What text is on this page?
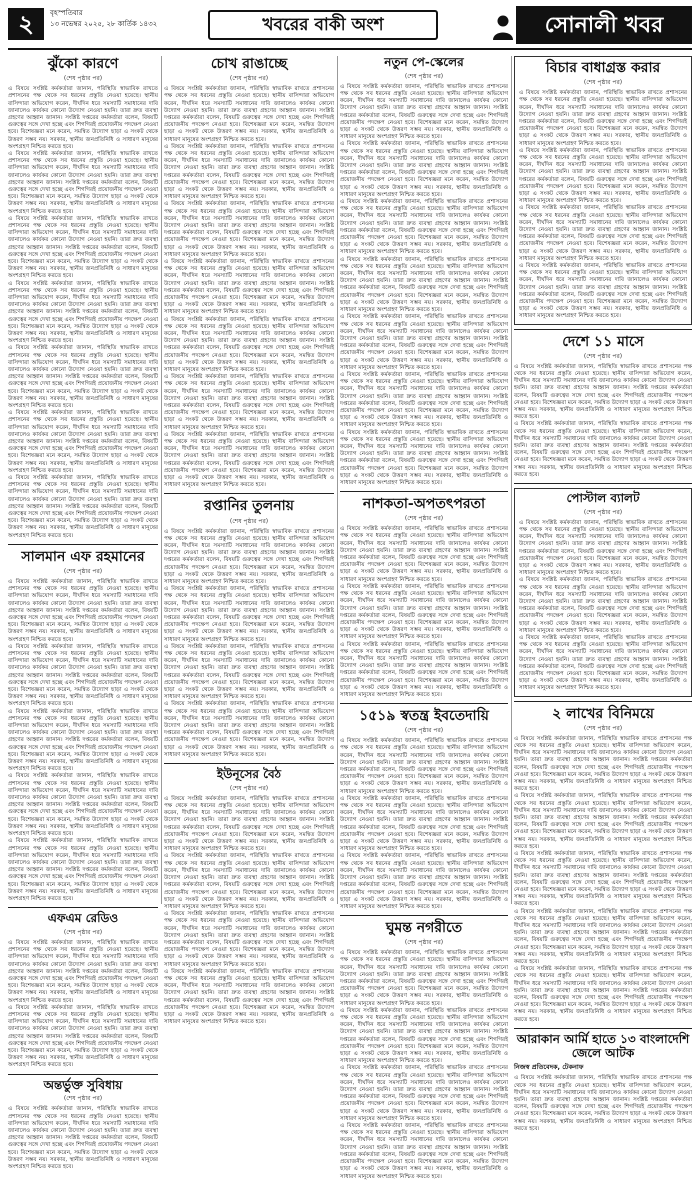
২	বৃহস্পতিবার
১৩ নভেম্বর ২০২৫, ২৮ কার্তিক ১৪৩২	খবরের বাকী অংশ	সোনালী খবর
ঝুঁকো কারণে
(শেষ পৃষ্ঠার পর)

এ বিষয়ে সংশ্লিষ্ট কর্মকর্তারা জানান, পরিস্থিতি স্বাভাবিক রাখতে প্রশাসনের পক্ষ থেকে সব ধরনের প্রস্তুতি নেওয়া হয়েছে। স্থানীয় বাসিন্দারা অভিযোগ করেন, দীর্ঘদিন ধরে সমস্যাটি সমাধানের দাবি জানালেও কার্যকর কোনো উদ্যোগ নেওয়া হয়নি। তারা দ্রুত ব্যবস্থা গ্রহণের আহ্বান জানান। সংশ্লিষ্ট দপ্তরের কর্মকর্তারা বলেন, বিষয়টি গুরুত্বের সঙ্গে দেখা হচ্ছে এবং শিগগিরই প্রয়োজনীয় পদক্ষেপ নেওয়া হবে। বিশেষজ্ঞরা মনে করেন, সমন্বিত উদ্যোগ ছাড়া এ সংকট থেকে উত্তরণ সম্ভব নয়। সরকার, স্থানীয় জনপ্রতিনিধি ও সাধারণ মানুষের অংশগ্রহণ নিশ্চিত করতে হবে।

এ বিষয়ে সংশ্লিষ্ট কর্মকর্তারা জানান, পরিস্থিতি স্বাভাবিক রাখতে প্রশাসনের পক্ষ থেকে সব ধরনের প্রস্তুতি নেওয়া হয়েছে। স্থানীয় বাসিন্দারা অভিযোগ করেন, দীর্ঘদিন ধরে সমস্যাটি সমাধানের দাবি জানালেও কার্যকর কোনো উদ্যোগ নেওয়া হয়নি। তারা দ্রুত ব্যবস্থা গ্রহণের আহ্বান জানান। সংশ্লিষ্ট দপ্তরের কর্মকর্তারা বলেন, বিষয়টি গুরুত্বের সঙ্গে দেখা হচ্ছে এবং শিগগিরই প্রয়োজনীয় পদক্ষেপ নেওয়া হবে। বিশেষজ্ঞরা মনে করেন, সমন্বিত উদ্যোগ ছাড়া এ সংকট থেকে উত্তরণ সম্ভব নয়। সরকার, স্থানীয় জনপ্রতিনিধি ও সাধারণ মানুষের অংশগ্রহণ নিশ্চিত করতে হবে।

এ বিষয়ে সংশ্লিষ্ট কর্মকর্তারা জানান, পরিস্থিতি স্বাভাবিক রাখতে প্রশাসনের পক্ষ থেকে সব ধরনের প্রস্তুতি নেওয়া হয়েছে। স্থানীয় বাসিন্দারা অভিযোগ করেন, দীর্ঘদিন ধরে সমস্যাটি সমাধানের দাবি জানালেও কার্যকর কোনো উদ্যোগ নেওয়া হয়নি। তারা দ্রুত ব্যবস্থা গ্রহণের আহ্বান জানান। সংশ্লিষ্ট দপ্তরের কর্মকর্তারা বলেন, বিষয়টি গুরুত্বের সঙ্গে দেখা হচ্ছে এবং শিগগিরই প্রয়োজনীয় পদক্ষেপ নেওয়া হবে। বিশেষজ্ঞরা মনে করেন, সমন্বিত উদ্যোগ ছাড়া এ সংকট থেকে উত্তরণ সম্ভব নয়। সরকার, স্থানীয় জনপ্রতিনিধি ও সাধারণ মানুষের অংশগ্রহণ নিশ্চিত করতে হবে।

এ বিষয়ে সংশ্লিষ্ট কর্মকর্তারা জানান, পরিস্থিতি স্বাভাবিক রাখতে প্রশাসনের পক্ষ থেকে সব ধরনের প্রস্তুতি নেওয়া হয়েছে। স্থানীয় বাসিন্দারা অভিযোগ করেন, দীর্ঘদিন ধরে সমস্যাটি সমাধানের দাবি জানালেও কার্যকর কোনো উদ্যোগ নেওয়া হয়নি। তারা দ্রুত ব্যবস্থা গ্রহণের আহ্বান জানান। সংশ্লিষ্ট দপ্তরের কর্মকর্তারা বলেন, বিষয়টি গুরুত্বের সঙ্গে দেখা হচ্ছে এবং শিগগিরই প্রয়োজনীয় পদক্ষেপ নেওয়া হবে। বিশেষজ্ঞরা মনে করেন, সমন্বিত উদ্যোগ ছাড়া এ সংকট থেকে উত্তরণ সম্ভব নয়। সরকার, স্থানীয় জনপ্রতিনিধি ও সাধারণ মানুষের অংশগ্রহণ নিশ্চিত করতে হবে।

এ বিষয়ে সংশ্লিষ্ট কর্মকর্তারা জানান, পরিস্থিতি স্বাভাবিক রাখতে প্রশাসনের পক্ষ থেকে সব ধরনের প্রস্তুতি নেওয়া হয়েছে। স্থানীয় বাসিন্দারা অভিযোগ করেন, দীর্ঘদিন ধরে সমস্যাটি সমাধানের দাবি জানালেও কার্যকর কোনো উদ্যোগ নেওয়া হয়নি। তারা দ্রুত ব্যবস্থা গ্রহণের আহ্বান জানান। সংশ্লিষ্ট দপ্তরের কর্মকর্তারা বলেন, বিষয়টি গুরুত্বের সঙ্গে দেখা হচ্ছে এবং শিগগিরই প্রয়োজনীয় পদক্ষেপ নেওয়া হবে। বিশেষজ্ঞরা মনে করেন, সমন্বিত উদ্যোগ ছাড়া এ সংকট থেকে উত্তরণ সম্ভব নয়। সরকার, স্থানীয় জনপ্রতিনিধি ও সাধারণ মানুষের অংশগ্রহণ নিশ্চিত করতে হবে।

এ বিষয়ে সংশ্লিষ্ট কর্মকর্তারা জানান, পরিস্থিতি স্বাভাবিক রাখতে প্রশাসনের পক্ষ থেকে সব ধরনের প্রস্তুতি নেওয়া হয়েছে। স্থানীয় বাসিন্দারা অভিযোগ করেন, দীর্ঘদিন ধরে সমস্যাটি সমাধানের দাবি জানালেও কার্যকর কোনো উদ্যোগ নেওয়া হয়নি। তারা দ্রুত ব্যবস্থা গ্রহণের আহ্বান জানান। সংশ্লিষ্ট দপ্তরের কর্মকর্তারা বলেন, বিষয়টি গুরুত্বের সঙ্গে দেখা হচ্ছে এবং শিগগিরই প্রয়োজনীয় পদক্ষেপ নেওয়া হবে। বিশেষজ্ঞরা মনে করেন, সমন্বিত উদ্যোগ ছাড়া এ সংকট থেকে উত্তরণ সম্ভব নয়। সরকার, স্থানীয় জনপ্রতিনিধি ও সাধারণ মানুষের অংশগ্রহণ নিশ্চিত করতে হবে।

এ বিষয়ে সংশ্লিষ্ট কর্মকর্তারা জানান, পরিস্থিতি স্বাভাবিক রাখতে প্রশাসনের পক্ষ থেকে সব ধরনের প্রস্তুতি নেওয়া হয়েছে। স্থানীয় বাসিন্দারা অভিযোগ করেন, দীর্ঘদিন ধরে সমস্যাটি সমাধানের দাবি জানালেও কার্যকর কোনো উদ্যোগ নেওয়া হয়নি। তারা দ্রুত ব্যবস্থা গ্রহণের আহ্বান জানান। সংশ্লিষ্ট দপ্তরের কর্মকর্তারা বলেন, বিষয়টি গুরুত্বের সঙ্গে দেখা হচ্ছে এবং শিগগিরই প্রয়োজনীয় পদক্ষেপ নেওয়া হবে। বিশেষজ্ঞরা মনে করেন, সমন্বিত উদ্যোগ ছাড়া এ সংকট থেকে উত্তরণ সম্ভব নয়। সরকার, স্থানীয় জনপ্রতিনিধি ও সাধারণ মানুষের অংশগ্রহণ নিশ্চিত করতে হবে।

সালমান এফ রহমানের
(শেষ পৃষ্ঠার পর)

এ বিষয়ে সংশ্লিষ্ট কর্মকর্তারা জানান, পরিস্থিতি স্বাভাবিক রাখতে প্রশাসনের পক্ষ থেকে সব ধরনের প্রস্তুতি নেওয়া হয়েছে। স্থানীয় বাসিন্দারা অভিযোগ করেন, দীর্ঘদিন ধরে সমস্যাটি সমাধানের দাবি জানালেও কার্যকর কোনো উদ্যোগ নেওয়া হয়নি। তারা দ্রুত ব্যবস্থা গ্রহণের আহ্বান জানান। সংশ্লিষ্ট দপ্তরের কর্মকর্তারা বলেন, বিষয়টি গুরুত্বের সঙ্গে দেখা হচ্ছে এবং শিগগিরই প্রয়োজনীয় পদক্ষেপ নেওয়া হবে। বিশেষজ্ঞরা মনে করেন, সমন্বিত উদ্যোগ ছাড়া এ সংকট থেকে উত্তরণ সম্ভব নয়। সরকার, স্থানীয় জনপ্রতিনিধি ও সাধারণ মানুষের অংশগ্রহণ নিশ্চিত করতে হবে।

এ বিষয়ে সংশ্লিষ্ট কর্মকর্তারা জানান, পরিস্থিতি স্বাভাবিক রাখতে প্রশাসনের পক্ষ থেকে সব ধরনের প্রস্তুতি নেওয়া হয়েছে। স্থানীয় বাসিন্দারা অভিযোগ করেন, দীর্ঘদিন ধরে সমস্যাটি সমাধানের দাবি জানালেও কার্যকর কোনো উদ্যোগ নেওয়া হয়নি। তারা দ্রুত ব্যবস্থা গ্রহণের আহ্বান জানান। সংশ্লিষ্ট দপ্তরের কর্মকর্তারা বলেন, বিষয়টি গুরুত্বের সঙ্গে দেখা হচ্ছে এবং শিগগিরই প্রয়োজনীয় পদক্ষেপ নেওয়া হবে। বিশেষজ্ঞরা মনে করেন, সমন্বিত উদ্যোগ ছাড়া এ সংকট থেকে উত্তরণ সম্ভব নয়। সরকার, স্থানীয় জনপ্রতিনিধি ও সাধারণ মানুষের অংশগ্রহণ নিশ্চিত করতে হবে।

এ বিষয়ে সংশ্লিষ্ট কর্মকর্তারা জানান, পরিস্থিতি স্বাভাবিক রাখতে প্রশাসনের পক্ষ থেকে সব ধরনের প্রস্তুতি নেওয়া হয়েছে। স্থানীয় বাসিন্দারা অভিযোগ করেন, দীর্ঘদিন ধরে সমস্যাটি সমাধানের দাবি জানালেও কার্যকর কোনো উদ্যোগ নেওয়া হয়নি। তারা দ্রুত ব্যবস্থা গ্রহণের আহ্বান জানান। সংশ্লিষ্ট দপ্তরের কর্মকর্তারা বলেন, বিষয়টি গুরুত্বের সঙ্গে দেখা হচ্ছে এবং শিগগিরই প্রয়োজনীয় পদক্ষেপ নেওয়া হবে। বিশেষজ্ঞরা মনে করেন, সমন্বিত উদ্যোগ ছাড়া এ সংকট থেকে উত্তরণ সম্ভব নয়। সরকার, স্থানীয় জনপ্রতিনিধি ও সাধারণ মানুষের অংশগ্রহণ নিশ্চিত করতে হবে।

এ বিষয়ে সংশ্লিষ্ট কর্মকর্তারা জানান, পরিস্থিতি স্বাভাবিক রাখতে প্রশাসনের পক্ষ থেকে সব ধরনের প্রস্তুতি নেওয়া হয়েছে। স্থানীয় বাসিন্দারা অভিযোগ করেন, দীর্ঘদিন ধরে সমস্যাটি সমাধানের দাবি জানালেও কার্যকর কোনো উদ্যোগ নেওয়া হয়নি। তারা দ্রুত ব্যবস্থা গ্রহণের আহ্বান জানান। সংশ্লিষ্ট দপ্তরের কর্মকর্তারা বলেন, বিষয়টি গুরুত্বের সঙ্গে দেখা হচ্ছে এবং শিগগিরই প্রয়োজনীয় পদক্ষেপ নেওয়া হবে। বিশেষজ্ঞরা মনে করেন, সমন্বিত উদ্যোগ ছাড়া এ সংকট থেকে উত্তরণ সম্ভব নয়। সরকার, স্থানীয় জনপ্রতিনিধি ও সাধারণ মানুষের অংশগ্রহণ নিশ্চিত করতে হবে।

এ বিষয়ে সংশ্লিষ্ট কর্মকর্তারা জানান, পরিস্থিতি স্বাভাবিক রাখতে প্রশাসনের পক্ষ থেকে সব ধরনের প্রস্তুতি নেওয়া হয়েছে। স্থানীয় বাসিন্দারা অভিযোগ করেন, দীর্ঘদিন ধরে সমস্যাটি সমাধানের দাবি জানালেও কার্যকর কোনো উদ্যোগ নেওয়া হয়নি। তারা দ্রুত ব্যবস্থা গ্রহণের আহ্বান জানান। সংশ্লিষ্ট দপ্তরের কর্মকর্তারা বলেন, বিষয়টি গুরুত্বের সঙ্গে দেখা হচ্ছে এবং শিগগিরই প্রয়োজনীয় পদক্ষেপ নেওয়া হবে। বিশেষজ্ঞরা মনে করেন, সমন্বিত উদ্যোগ ছাড়া এ সংকট থেকে উত্তরণ সম্ভব নয়। সরকার, স্থানীয় জনপ্রতিনিধি ও সাধারণ মানুষের অংশগ্রহণ নিশ্চিত করতে হবে।

এফএম রেডিও
(শেষ পৃষ্ঠার পর)

এ বিষয়ে সংশ্লিষ্ট কর্মকর্তারা জানান, পরিস্থিতি স্বাভাবিক রাখতে প্রশাসনের পক্ষ থেকে সব ধরনের প্রস্তুতি নেওয়া হয়েছে। স্থানীয় বাসিন্দারা অভিযোগ করেন, দীর্ঘদিন ধরে সমস্যাটি সমাধানের দাবি জানালেও কার্যকর কোনো উদ্যোগ নেওয়া হয়নি। তারা দ্রুত ব্যবস্থা গ্রহণের আহ্বান জানান। সংশ্লিষ্ট দপ্তরের কর্মকর্তারা বলেন, বিষয়টি গুরুত্বের সঙ্গে দেখা হচ্ছে এবং শিগগিরই প্রয়োজনীয় পদক্ষেপ নেওয়া হবে। বিশেষজ্ঞরা মনে করেন, সমন্বিত উদ্যোগ ছাড়া এ সংকট থেকে উত্তরণ সম্ভব নয়। সরকার, স্থানীয় জনপ্রতিনিধি ও সাধারণ মানুষের অংশগ্রহণ নিশ্চিত করতে হবে।

এ বিষয়ে সংশ্লিষ্ট কর্মকর্তারা জানান, পরিস্থিতি স্বাভাবিক রাখতে প্রশাসনের পক্ষ থেকে সব ধরনের প্রস্তুতি নেওয়া হয়েছে। স্থানীয় বাসিন্দারা অভিযোগ করেন, দীর্ঘদিন ধরে সমস্যাটি সমাধানের দাবি জানালেও কার্যকর কোনো উদ্যোগ নেওয়া হয়নি। তারা দ্রুত ব্যবস্থা গ্রহণের আহ্বান জানান। সংশ্লিষ্ট দপ্তরের কর্মকর্তারা বলেন, বিষয়টি গুরুত্বের সঙ্গে দেখা হচ্ছে এবং শিগগিরই প্রয়োজনীয় পদক্ষেপ নেওয়া হবে। বিশেষজ্ঞরা মনে করেন, সমন্বিত উদ্যোগ ছাড়া এ সংকট থেকে উত্তরণ সম্ভব নয়। সরকার, স্থানীয় জনপ্রতিনিধি ও সাধারণ মানুষের অংশগ্রহণ নিশ্চিত করতে হবে।

অন্তর্ভুক্ত সুবিধায়
(শেষ পৃষ্ঠার পর)

এ বিষয়ে সংশ্লিষ্ট কর্মকর্তারা জানান, পরিস্থিতি স্বাভাবিক রাখতে প্রশাসনের পক্ষ থেকে সব ধরনের প্রস্তুতি নেওয়া হয়েছে। স্থানীয় বাসিন্দারা অভিযোগ করেন, দীর্ঘদিন ধরে সমস্যাটি সমাধানের দাবি জানালেও কার্যকর কোনো উদ্যোগ নেওয়া হয়নি। তারা দ্রুত ব্যবস্থা গ্রহণের আহ্বান জানান। সংশ্লিষ্ট দপ্তরের কর্মকর্তারা বলেন, বিষয়টি গুরুত্বের সঙ্গে দেখা হচ্ছে এবং শিগগিরই প্রয়োজনীয় পদক্ষেপ নেওয়া হবে। বিশেষজ্ঞরা মনে করেন, সমন্বিত উদ্যোগ ছাড়া এ সংকট থেকে উত্তরণ সম্ভব নয়। সরকার, স্থানীয় জনপ্রতিনিধি ও সাধারণ মানুষের অংশগ্রহণ নিশ্চিত করতে হবে।

চোখ রাঙাচ্ছে
(শেষ পৃষ্ঠার পর)

এ বিষয়ে সংশ্লিষ্ট কর্মকর্তারা জানান, পরিস্থিতি স্বাভাবিক রাখতে প্রশাসনের পক্ষ থেকে সব ধরনের প্রস্তুতি নেওয়া হয়েছে। স্থানীয় বাসিন্দারা অভিযোগ করেন, দীর্ঘদিন ধরে সমস্যাটি সমাধানের দাবি জানালেও কার্যকর কোনো উদ্যোগ নেওয়া হয়নি। তারা দ্রুত ব্যবস্থা গ্রহণের আহ্বান জানান। সংশ্লিষ্ট দপ্তরের কর্মকর্তারা বলেন, বিষয়টি গুরুত্বের সঙ্গে দেখা হচ্ছে এবং শিগগিরই প্রয়োজনীয় পদক্ষেপ নেওয়া হবে। বিশেষজ্ঞরা মনে করেন, সমন্বিত উদ্যোগ ছাড়া এ সংকট থেকে উত্তরণ সম্ভব নয়। সরকার, স্থানীয় জনপ্রতিনিধি ও সাধারণ মানুষের অংশগ্রহণ নিশ্চিত করতে হবে।

এ বিষয়ে সংশ্লিষ্ট কর্মকর্তারা জানান, পরিস্থিতি স্বাভাবিক রাখতে প্রশাসনের পক্ষ থেকে সব ধরনের প্রস্তুতি নেওয়া হয়েছে। স্থানীয় বাসিন্দারা অভিযোগ করেন, দীর্ঘদিন ধরে সমস্যাটি সমাধানের দাবি জানালেও কার্যকর কোনো উদ্যোগ নেওয়া হয়নি। তারা দ্রুত ব্যবস্থা গ্রহণের আহ্বান জানান। সংশ্লিষ্ট দপ্তরের কর্মকর্তারা বলেন, বিষয়টি গুরুত্বের সঙ্গে দেখা হচ্ছে এবং শিগগিরই প্রয়োজনীয় পদক্ষেপ নেওয়া হবে। বিশেষজ্ঞরা মনে করেন, সমন্বিত উদ্যোগ ছাড়া এ সংকট থেকে উত্তরণ সম্ভব নয়। সরকার, স্থানীয় জনপ্রতিনিধি ও সাধারণ মানুষের অংশগ্রহণ নিশ্চিত করতে হবে।

এ বিষয়ে সংশ্লিষ্ট কর্মকর্তারা জানান, পরিস্থিতি স্বাভাবিক রাখতে প্রশাসনের পক্ষ থেকে সব ধরনের প্রস্তুতি নেওয়া হয়েছে। স্থানীয় বাসিন্দারা অভিযোগ করেন, দীর্ঘদিন ধরে সমস্যাটি সমাধানের দাবি জানালেও কার্যকর কোনো উদ্যোগ নেওয়া হয়নি। তারা দ্রুত ব্যবস্থা গ্রহণের আহ্বান জানান। সংশ্লিষ্ট দপ্তরের কর্মকর্তারা বলেন, বিষয়টি গুরুত্বের সঙ্গে দেখা হচ্ছে এবং শিগগিরই প্রয়োজনীয় পদক্ষেপ নেওয়া হবে। বিশেষজ্ঞরা মনে করেন, সমন্বিত উদ্যোগ ছাড়া এ সংকট থেকে উত্তরণ সম্ভব নয়। সরকার, স্থানীয় জনপ্রতিনিধি ও সাধারণ মানুষের অংশগ্রহণ নিশ্চিত করতে হবে।

এ বিষয়ে সংশ্লিষ্ট কর্মকর্তারা জানান, পরিস্থিতি স্বাভাবিক রাখতে প্রশাসনের পক্ষ থেকে সব ধরনের প্রস্তুতি নেওয়া হয়েছে। স্থানীয় বাসিন্দারা অভিযোগ করেন, দীর্ঘদিন ধরে সমস্যাটি সমাধানের দাবি জানালেও কার্যকর কোনো উদ্যোগ নেওয়া হয়নি। তারা দ্রুত ব্যবস্থা গ্রহণের আহ্বান জানান। সংশ্লিষ্ট দপ্তরের কর্মকর্তারা বলেন, বিষয়টি গুরুত্বের সঙ্গে দেখা হচ্ছে এবং শিগগিরই প্রয়োজনীয় পদক্ষেপ নেওয়া হবে। বিশেষজ্ঞরা মনে করেন, সমন্বিত উদ্যোগ ছাড়া এ সংকট থেকে উত্তরণ সম্ভব নয়। সরকার, স্থানীয় জনপ্রতিনিধি ও সাধারণ মানুষের অংশগ্রহণ নিশ্চিত করতে হবে।

এ বিষয়ে সংশ্লিষ্ট কর্মকর্তারা জানান, পরিস্থিতি স্বাভাবিক রাখতে প্রশাসনের পক্ষ থেকে সব ধরনের প্রস্তুতি নেওয়া হয়েছে। স্থানীয় বাসিন্দারা অভিযোগ করেন, দীর্ঘদিন ধরে সমস্যাটি সমাধানের দাবি জানালেও কার্যকর কোনো উদ্যোগ নেওয়া হয়নি। তারা দ্রুত ব্যবস্থা গ্রহণের আহ্বান জানান। সংশ্লিষ্ট দপ্তরের কর্মকর্তারা বলেন, বিষয়টি গুরুত্বের সঙ্গে দেখা হচ্ছে এবং শিগগিরই প্রয়োজনীয় পদক্ষেপ নেওয়া হবে। বিশেষজ্ঞরা মনে করেন, সমন্বিত উদ্যোগ ছাড়া এ সংকট থেকে উত্তরণ সম্ভব নয়। সরকার, স্থানীয় জনপ্রতিনিধি ও সাধারণ মানুষের অংশগ্রহণ নিশ্চিত করতে হবে।

এ বিষয়ে সংশ্লিষ্ট কর্মকর্তারা জানান, পরিস্থিতি স্বাভাবিক রাখতে প্রশাসনের পক্ষ থেকে সব ধরনের প্রস্তুতি নেওয়া হয়েছে। স্থানীয় বাসিন্দারা অভিযোগ করেন, দীর্ঘদিন ধরে সমস্যাটি সমাধানের দাবি জানালেও কার্যকর কোনো উদ্যোগ নেওয়া হয়নি। তারা দ্রুত ব্যবস্থা গ্রহণের আহ্বান জানান। সংশ্লিষ্ট দপ্তরের কর্মকর্তারা বলেন, বিষয়টি গুরুত্বের সঙ্গে দেখা হচ্ছে এবং শিগগিরই প্রয়োজনীয় পদক্ষেপ নেওয়া হবে। বিশেষজ্ঞরা মনে করেন, সমন্বিত উদ্যোগ ছাড়া এ সংকট থেকে উত্তরণ সম্ভব নয়। সরকার, স্থানীয় জনপ্রতিনিধি ও সাধারণ মানুষের অংশগ্রহণ নিশ্চিত করতে হবে।

এ বিষয়ে সংশ্লিষ্ট কর্মকর্তারা জানান, পরিস্থিতি স্বাভাবিক রাখতে প্রশাসনের পক্ষ থেকে সব ধরনের প্রস্তুতি নেওয়া হয়েছে। স্থানীয় বাসিন্দারা অভিযোগ করেন, দীর্ঘদিন ধরে সমস্যাটি সমাধানের দাবি জানালেও কার্যকর কোনো উদ্যোগ নেওয়া হয়নি। তারা দ্রুত ব্যবস্থা গ্রহণের আহ্বান জানান। সংশ্লিষ্ট দপ্তরের কর্মকর্তারা বলেন, বিষয়টি গুরুত্বের সঙ্গে দেখা হচ্ছে এবং শিগগিরই প্রয়োজনীয় পদক্ষেপ নেওয়া হবে। বিশেষজ্ঞরা মনে করেন, সমন্বিত উদ্যোগ ছাড়া এ সংকট থেকে উত্তরণ সম্ভব নয়। সরকার, স্থানীয় জনপ্রতিনিধি ও সাধারণ মানুষের অংশগ্রহণ নিশ্চিত করতে হবে।

রপ্তানির তুলনায়
(শেষ পৃষ্ঠার পর)

এ বিষয়ে সংশ্লিষ্ট কর্মকর্তারা জানান, পরিস্থিতি স্বাভাবিক রাখতে প্রশাসনের পক্ষ থেকে সব ধরনের প্রস্তুতি নেওয়া হয়েছে। স্থানীয় বাসিন্দারা অভিযোগ করেন, দীর্ঘদিন ধরে সমস্যাটি সমাধানের দাবি জানালেও কার্যকর কোনো উদ্যোগ নেওয়া হয়নি। তারা দ্রুত ব্যবস্থা গ্রহণের আহ্বান জানান। সংশ্লিষ্ট দপ্তরের কর্মকর্তারা বলেন, বিষয়টি গুরুত্বের সঙ্গে দেখা হচ্ছে এবং শিগগিরই প্রয়োজনীয় পদক্ষেপ নেওয়া হবে। বিশেষজ্ঞরা মনে করেন, সমন্বিত উদ্যোগ ছাড়া এ সংকট থেকে উত্তরণ সম্ভব নয়। সরকার, স্থানীয় জনপ্রতিনিধি ও সাধারণ মানুষের অংশগ্রহণ নিশ্চিত করতে হবে।

এ বিষয়ে সংশ্লিষ্ট কর্মকর্তারা জানান, পরিস্থিতি স্বাভাবিক রাখতে প্রশাসনের পক্ষ থেকে সব ধরনের প্রস্তুতি নেওয়া হয়েছে। স্থানীয় বাসিন্দারা অভিযোগ করেন, দীর্ঘদিন ধরে সমস্যাটি সমাধানের দাবি জানালেও কার্যকর কোনো উদ্যোগ নেওয়া হয়নি। তারা দ্রুত ব্যবস্থা গ্রহণের আহ্বান জানান। সংশ্লিষ্ট দপ্তরের কর্মকর্তারা বলেন, বিষয়টি গুরুত্বের সঙ্গে দেখা হচ্ছে এবং শিগগিরই প্রয়োজনীয় পদক্ষেপ নেওয়া হবে। বিশেষজ্ঞরা মনে করেন, সমন্বিত উদ্যোগ ছাড়া এ সংকট থেকে উত্তরণ সম্ভব নয়। সরকার, স্থানীয় জনপ্রতিনিধি ও সাধারণ মানুষের অংশগ্রহণ নিশ্চিত করতে হবে।

এ বিষয়ে সংশ্লিষ্ট কর্মকর্তারা জানান, পরিস্থিতি স্বাভাবিক রাখতে প্রশাসনের পক্ষ থেকে সব ধরনের প্রস্তুতি নেওয়া হয়েছে। স্থানীয় বাসিন্দারা অভিযোগ করেন, দীর্ঘদিন ধরে সমস্যাটি সমাধানের দাবি জানালেও কার্যকর কোনো উদ্যোগ নেওয়া হয়নি। তারা দ্রুত ব্যবস্থা গ্রহণের আহ্বান জানান। সংশ্লিষ্ট দপ্তরের কর্মকর্তারা বলেন, বিষয়টি গুরুত্বের সঙ্গে দেখা হচ্ছে এবং শিগগিরই প্রয়োজনীয় পদক্ষেপ নেওয়া হবে। বিশেষজ্ঞরা মনে করেন, সমন্বিত উদ্যোগ ছাড়া এ সংকট থেকে উত্তরণ সম্ভব নয়। সরকার, স্থানীয় জনপ্রতিনিধি ও সাধারণ মানুষের অংশগ্রহণ নিশ্চিত করতে হবে।

এ বিষয়ে সংশ্লিষ্ট কর্মকর্তারা জানান, পরিস্থিতি স্বাভাবিক রাখতে প্রশাসনের পক্ষ থেকে সব ধরনের প্রস্তুতি নেওয়া হয়েছে। স্থানীয় বাসিন্দারা অভিযোগ করেন, দীর্ঘদিন ধরে সমস্যাটি সমাধানের দাবি জানালেও কার্যকর কোনো উদ্যোগ নেওয়া হয়নি। তারা দ্রুত ব্যবস্থা গ্রহণের আহ্বান জানান। সংশ্লিষ্ট দপ্তরের কর্মকর্তারা বলেন, বিষয়টি গুরুত্বের সঙ্গে দেখা হচ্ছে এবং শিগগিরই প্রয়োজনীয় পদক্ষেপ নেওয়া হবে। বিশেষজ্ঞরা মনে করেন, সমন্বিত উদ্যোগ ছাড়া এ সংকট থেকে উত্তরণ সম্ভব নয়। সরকার, স্থানীয় জনপ্রতিনিধি ও সাধারণ মানুষের অংশগ্রহণ নিশ্চিত করতে হবে।

ইউনূসের বৈঠ
(শেষ পৃষ্ঠার পর)

এ বিষয়ে সংশ্লিষ্ট কর্মকর্তারা জানান, পরিস্থিতি স্বাভাবিক রাখতে প্রশাসনের পক্ষ থেকে সব ধরনের প্রস্তুতি নেওয়া হয়েছে। স্থানীয় বাসিন্দারা অভিযোগ করেন, দীর্ঘদিন ধরে সমস্যাটি সমাধানের দাবি জানালেও কার্যকর কোনো উদ্যোগ নেওয়া হয়নি। তারা দ্রুত ব্যবস্থা গ্রহণের আহ্বান জানান। সংশ্লিষ্ট দপ্তরের কর্মকর্তারা বলেন, বিষয়টি গুরুত্বের সঙ্গে দেখা হচ্ছে এবং শিগগিরই প্রয়োজনীয় পদক্ষেপ নেওয়া হবে। বিশেষজ্ঞরা মনে করেন, সমন্বিত উদ্যোগ ছাড়া এ সংকট থেকে উত্তরণ সম্ভব নয়। সরকার, স্থানীয় জনপ্রতিনিধি ও সাধারণ মানুষের অংশগ্রহণ নিশ্চিত করতে হবে।

এ বিষয়ে সংশ্লিষ্ট কর্মকর্তারা জানান, পরিস্থিতি স্বাভাবিক রাখতে প্রশাসনের পক্ষ থেকে সব ধরনের প্রস্তুতি নেওয়া হয়েছে। স্থানীয় বাসিন্দারা অভিযোগ করেন, দীর্ঘদিন ধরে সমস্যাটি সমাধানের দাবি জানালেও কার্যকর কোনো উদ্যোগ নেওয়া হয়নি। তারা দ্রুত ব্যবস্থা গ্রহণের আহ্বান জানান। সংশ্লিষ্ট দপ্তরের কর্মকর্তারা বলেন, বিষয়টি গুরুত্বের সঙ্গে দেখা হচ্ছে এবং শিগগিরই প্রয়োজনীয় পদক্ষেপ নেওয়া হবে। বিশেষজ্ঞরা মনে করেন, সমন্বিত উদ্যোগ ছাড়া এ সংকট থেকে উত্তরণ সম্ভব নয়। সরকার, স্থানীয় জনপ্রতিনিধি ও সাধারণ মানুষের অংশগ্রহণ নিশ্চিত করতে হবে।

এ বিষয়ে সংশ্লিষ্ট কর্মকর্তারা জানান, পরিস্থিতি স্বাভাবিক রাখতে প্রশাসনের পক্ষ থেকে সব ধরনের প্রস্তুতি নেওয়া হয়েছে। স্থানীয় বাসিন্দারা অভিযোগ করেন, দীর্ঘদিন ধরে সমস্যাটি সমাধানের দাবি জানালেও কার্যকর কোনো উদ্যোগ নেওয়া হয়নি। তারা দ্রুত ব্যবস্থা গ্রহণের আহ্বান জানান। সংশ্লিষ্ট দপ্তরের কর্মকর্তারা বলেন, বিষয়টি গুরুত্বের সঙ্গে দেখা হচ্ছে এবং শিগগিরই প্রয়োজনীয় পদক্ষেপ নেওয়া হবে। বিশেষজ্ঞরা মনে করেন, সমন্বিত উদ্যোগ ছাড়া এ সংকট থেকে উত্তরণ সম্ভব নয়। সরকার, স্থানীয় জনপ্রতিনিধি ও সাধারণ মানুষের অংশগ্রহণ নিশ্চিত করতে হবে।

এ বিষয়ে সংশ্লিষ্ট কর্মকর্তারা জানান, পরিস্থিতি স্বাভাবিক রাখতে প্রশাসনের পক্ষ থেকে সব ধরনের প্রস্তুতি নেওয়া হয়েছে। স্থানীয় বাসিন্দারা অভিযোগ করেন, দীর্ঘদিন ধরে সমস্যাটি সমাধানের দাবি জানালেও কার্যকর কোনো উদ্যোগ নেওয়া হয়নি। তারা দ্রুত ব্যবস্থা গ্রহণের আহ্বান জানান। সংশ্লিষ্ট দপ্তরের কর্মকর্তারা বলেন, বিষয়টি গুরুত্বের সঙ্গে দেখা হচ্ছে এবং শিগগিরই প্রয়োজনীয় পদক্ষেপ নেওয়া হবে। বিশেষজ্ঞরা মনে করেন, সমন্বিত উদ্যোগ ছাড়া এ সংকট থেকে উত্তরণ সম্ভব নয়। সরকার, স্থানীয় জনপ্রতিনিধি ও সাধারণ মানুষের অংশগ্রহণ নিশ্চিত করতে হবে।

নতুন পে-স্কেলের
(শেষ পৃষ্ঠার পর)

এ বিষয়ে সংশ্লিষ্ট কর্মকর্তারা জানান, পরিস্থিতি স্বাভাবিক রাখতে প্রশাসনের পক্ষ থেকে সব ধরনের প্রস্তুতি নেওয়া হয়েছে। স্থানীয় বাসিন্দারা অভিযোগ করেন, দীর্ঘদিন ধরে সমস্যাটি সমাধানের দাবি জানালেও কার্যকর কোনো উদ্যোগ নেওয়া হয়নি। তারা দ্রুত ব্যবস্থা গ্রহণের আহ্বান জানান। সংশ্লিষ্ট দপ্তরের কর্মকর্তারা বলেন, বিষয়টি গুরুত্বের সঙ্গে দেখা হচ্ছে এবং শিগগিরই প্রয়োজনীয় পদক্ষেপ নেওয়া হবে। বিশেষজ্ঞরা মনে করেন, সমন্বিত উদ্যোগ ছাড়া এ সংকট থেকে উত্তরণ সম্ভব নয়। সরকার, স্থানীয় জনপ্রতিনিধি ও সাধারণ মানুষের অংশগ্রহণ নিশ্চিত করতে হবে।

এ বিষয়ে সংশ্লিষ্ট কর্মকর্তারা জানান, পরিস্থিতি স্বাভাবিক রাখতে প্রশাসনের পক্ষ থেকে সব ধরনের প্রস্তুতি নেওয়া হয়েছে। স্থানীয় বাসিন্দারা অভিযোগ করেন, দীর্ঘদিন ধরে সমস্যাটি সমাধানের দাবি জানালেও কার্যকর কোনো উদ্যোগ নেওয়া হয়নি। তারা দ্রুত ব্যবস্থা গ্রহণের আহ্বান জানান। সংশ্লিষ্ট দপ্তরের কর্মকর্তারা বলেন, বিষয়টি গুরুত্বের সঙ্গে দেখা হচ্ছে এবং শিগগিরই প্রয়োজনীয় পদক্ষেপ নেওয়া হবে। বিশেষজ্ঞরা মনে করেন, সমন্বিত উদ্যোগ ছাড়া এ সংকট থেকে উত্তরণ সম্ভব নয়। সরকার, স্থানীয় জনপ্রতিনিধি ও সাধারণ মানুষের অংশগ্রহণ নিশ্চিত করতে হবে।

এ বিষয়ে সংশ্লিষ্ট কর্মকর্তারা জানান, পরিস্থিতি স্বাভাবিক রাখতে প্রশাসনের পক্ষ থেকে সব ধরনের প্রস্তুতি নেওয়া হয়েছে। স্থানীয় বাসিন্দারা অভিযোগ করেন, দীর্ঘদিন ধরে সমস্যাটি সমাধানের দাবি জানালেও কার্যকর কোনো উদ্যোগ নেওয়া হয়নি। তারা দ্রুত ব্যবস্থা গ্রহণের আহ্বান জানান। সংশ্লিষ্ট দপ্তরের কর্মকর্তারা বলেন, বিষয়টি গুরুত্বের সঙ্গে দেখা হচ্ছে এবং শিগগিরই প্রয়োজনীয় পদক্ষেপ নেওয়া হবে। বিশেষজ্ঞরা মনে করেন, সমন্বিত উদ্যোগ ছাড়া এ সংকট থেকে উত্তরণ সম্ভব নয়। সরকার, স্থানীয় জনপ্রতিনিধি ও সাধারণ মানুষের অংশগ্রহণ নিশ্চিত করতে হবে।

এ বিষয়ে সংশ্লিষ্ট কর্মকর্তারা জানান, পরিস্থিতি স্বাভাবিক রাখতে প্রশাসনের পক্ষ থেকে সব ধরনের প্রস্তুতি নেওয়া হয়েছে। স্থানীয় বাসিন্দারা অভিযোগ করেন, দীর্ঘদিন ধরে সমস্যাটি সমাধানের দাবি জানালেও কার্যকর কোনো উদ্যোগ নেওয়া হয়নি। তারা দ্রুত ব্যবস্থা গ্রহণের আহ্বান জানান। সংশ্লিষ্ট দপ্তরের কর্মকর্তারা বলেন, বিষয়টি গুরুত্বের সঙ্গে দেখা হচ্ছে এবং শিগগিরই প্রয়োজনীয় পদক্ষেপ নেওয়া হবে। বিশেষজ্ঞরা মনে করেন, সমন্বিত উদ্যোগ ছাড়া এ সংকট থেকে উত্তরণ সম্ভব নয়। সরকার, স্থানীয় জনপ্রতিনিধি ও সাধারণ মানুষের অংশগ্রহণ নিশ্চিত করতে হবে।

এ বিষয়ে সংশ্লিষ্ট কর্মকর্তারা জানান, পরিস্থিতি স্বাভাবিক রাখতে প্রশাসনের পক্ষ থেকে সব ধরনের প্রস্তুতি নেওয়া হয়েছে। স্থানীয় বাসিন্দারা অভিযোগ করেন, দীর্ঘদিন ধরে সমস্যাটি সমাধানের দাবি জানালেও কার্যকর কোনো উদ্যোগ নেওয়া হয়নি। তারা দ্রুত ব্যবস্থা গ্রহণের আহ্বান জানান। সংশ্লিষ্ট দপ্তরের কর্মকর্তারা বলেন, বিষয়টি গুরুত্বের সঙ্গে দেখা হচ্ছে এবং শিগগিরই প্রয়োজনীয় পদক্ষেপ নেওয়া হবে। বিশেষজ্ঞরা মনে করেন, সমন্বিত উদ্যোগ ছাড়া এ সংকট থেকে উত্তরণ সম্ভব নয়। সরকার, স্থানীয় জনপ্রতিনিধি ও সাধারণ মানুষের অংশগ্রহণ নিশ্চিত করতে হবে।

এ বিষয়ে সংশ্লিষ্ট কর্মকর্তারা জানান, পরিস্থিতি স্বাভাবিক রাখতে প্রশাসনের পক্ষ থেকে সব ধরনের প্রস্তুতি নেওয়া হয়েছে। স্থানীয় বাসিন্দারা অভিযোগ করেন, দীর্ঘদিন ধরে সমস্যাটি সমাধানের দাবি জানালেও কার্যকর কোনো উদ্যোগ নেওয়া হয়নি। তারা দ্রুত ব্যবস্থা গ্রহণের আহ্বান জানান। সংশ্লিষ্ট দপ্তরের কর্মকর্তারা বলেন, বিষয়টি গুরুত্বের সঙ্গে দেখা হচ্ছে এবং শিগগিরই প্রয়োজনীয় পদক্ষেপ নেওয়া হবে। বিশেষজ্ঞরা মনে করেন, সমন্বিত উদ্যোগ ছাড়া এ সংকট থেকে উত্তরণ সম্ভব নয়। সরকার, স্থানীয় জনপ্রতিনিধি ও সাধারণ মানুষের অংশগ্রহণ নিশ্চিত করতে হবে।

এ বিষয়ে সংশ্লিষ্ট কর্মকর্তারা জানান, পরিস্থিতি স্বাভাবিক রাখতে প্রশাসনের পক্ষ থেকে সব ধরনের প্রস্তুতি নেওয়া হয়েছে। স্থানীয় বাসিন্দারা অভিযোগ করেন, দীর্ঘদিন ধরে সমস্যাটি সমাধানের দাবি জানালেও কার্যকর কোনো উদ্যোগ নেওয়া হয়নি। তারা দ্রুত ব্যবস্থা গ্রহণের আহ্বান জানান। সংশ্লিষ্ট দপ্তরের কর্মকর্তারা বলেন, বিষয়টি গুরুত্বের সঙ্গে দেখা হচ্ছে এবং শিগগিরই প্রয়োজনীয় পদক্ষেপ নেওয়া হবে। বিশেষজ্ঞরা মনে করেন, সমন্বিত উদ্যোগ ছাড়া এ সংকট থেকে উত্তরণ সম্ভব নয়। সরকার, স্থানীয় জনপ্রতিনিধি ও সাধারণ মানুষের অংশগ্রহণ নিশ্চিত করতে হবে।

নাশকতা-অপতৎপরতা
(শেষ পৃষ্ঠার পর)

এ বিষয়ে সংশ্লিষ্ট কর্মকর্তারা জানান, পরিস্থিতি স্বাভাবিক রাখতে প্রশাসনের পক্ষ থেকে সব ধরনের প্রস্তুতি নেওয়া হয়েছে। স্থানীয় বাসিন্দারা অভিযোগ করেন, দীর্ঘদিন ধরে সমস্যাটি সমাধানের দাবি জানালেও কার্যকর কোনো উদ্যোগ নেওয়া হয়নি। তারা দ্রুত ব্যবস্থা গ্রহণের আহ্বান জানান। সংশ্লিষ্ট দপ্তরের কর্মকর্তারা বলেন, বিষয়টি গুরুত্বের সঙ্গে দেখা হচ্ছে এবং শিগগিরই প্রয়োজনীয় পদক্ষেপ নেওয়া হবে। বিশেষজ্ঞরা মনে করেন, সমন্বিত উদ্যোগ ছাড়া এ সংকট থেকে উত্তরণ সম্ভব নয়। সরকার, স্থানীয় জনপ্রতিনিধি ও সাধারণ মানুষের অংশগ্রহণ নিশ্চিত করতে হবে।

এ বিষয়ে সংশ্লিষ্ট কর্মকর্তারা জানান, পরিস্থিতি স্বাভাবিক রাখতে প্রশাসনের পক্ষ থেকে সব ধরনের প্রস্তুতি নেওয়া হয়েছে। স্থানীয় বাসিন্দারা অভিযোগ করেন, দীর্ঘদিন ধরে সমস্যাটি সমাধানের দাবি জানালেও কার্যকর কোনো উদ্যোগ নেওয়া হয়নি। তারা দ্রুত ব্যবস্থা গ্রহণের আহ্বান জানান। সংশ্লিষ্ট দপ্তরের কর্মকর্তারা বলেন, বিষয়টি গুরুত্বের সঙ্গে দেখা হচ্ছে এবং শিগগিরই প্রয়োজনীয় পদক্ষেপ নেওয়া হবে। বিশেষজ্ঞরা মনে করেন, সমন্বিত উদ্যোগ ছাড়া এ সংকট থেকে উত্তরণ সম্ভব নয়। সরকার, স্থানীয় জনপ্রতিনিধি ও সাধারণ মানুষের অংশগ্রহণ নিশ্চিত করতে হবে।

এ বিষয়ে সংশ্লিষ্ট কর্মকর্তারা জানান, পরিস্থিতি স্বাভাবিক রাখতে প্রশাসনের পক্ষ থেকে সব ধরনের প্রস্তুতি নেওয়া হয়েছে। স্থানীয় বাসিন্দারা অভিযোগ করেন, দীর্ঘদিন ধরে সমস্যাটি সমাধানের দাবি জানালেও কার্যকর কোনো উদ্যোগ নেওয়া হয়নি। তারা দ্রুত ব্যবস্থা গ্রহণের আহ্বান জানান। সংশ্লিষ্ট দপ্তরের কর্মকর্তারা বলেন, বিষয়টি গুরুত্বের সঙ্গে দেখা হচ্ছে এবং শিগগিরই প্রয়োজনীয় পদক্ষেপ নেওয়া হবে। বিশেষজ্ঞরা মনে করেন, সমন্বিত উদ্যোগ ছাড়া এ সংকট থেকে উত্তরণ সম্ভব নয়। সরকার, স্থানীয় জনপ্রতিনিধি ও সাধারণ মানুষের অংশগ্রহণ নিশ্চিত করতে হবে।

১৫১৯ স্বতন্ত্র ইবতেদায়ি
(শেষ পৃষ্ঠার পর)

এ বিষয়ে সংশ্লিষ্ট কর্মকর্তারা জানান, পরিস্থিতি স্বাভাবিক রাখতে প্রশাসনের পক্ষ থেকে সব ধরনের প্রস্তুতি নেওয়া হয়েছে। স্থানীয় বাসিন্দারা অভিযোগ করেন, দীর্ঘদিন ধরে সমস্যাটি সমাধানের দাবি জানালেও কার্যকর কোনো উদ্যোগ নেওয়া হয়নি। তারা দ্রুত ব্যবস্থা গ্রহণের আহ্বান জানান। সংশ্লিষ্ট দপ্তরের কর্মকর্তারা বলেন, বিষয়টি গুরুত্বের সঙ্গে দেখা হচ্ছে এবং শিগগিরই প্রয়োজনীয় পদক্ষেপ নেওয়া হবে। বিশেষজ্ঞরা মনে করেন, সমন্বিত উদ্যোগ ছাড়া এ সংকট থেকে উত্তরণ সম্ভব নয়। সরকার, স্থানীয় জনপ্রতিনিধি ও সাধারণ মানুষের অংশগ্রহণ নিশ্চিত করতে হবে।

এ বিষয়ে সংশ্লিষ্ট কর্মকর্তারা জানান, পরিস্থিতি স্বাভাবিক রাখতে প্রশাসনের পক্ষ থেকে সব ধরনের প্রস্তুতি নেওয়া হয়েছে। স্থানীয় বাসিন্দারা অভিযোগ করেন, দীর্ঘদিন ধরে সমস্যাটি সমাধানের দাবি জানালেও কার্যকর কোনো উদ্যোগ নেওয়া হয়নি। তারা দ্রুত ব্যবস্থা গ্রহণের আহ্বান জানান। সংশ্লিষ্ট দপ্তরের কর্মকর্তারা বলেন, বিষয়টি গুরুত্বের সঙ্গে দেখা হচ্ছে এবং শিগগিরই প্রয়োজনীয় পদক্ষেপ নেওয়া হবে। বিশেষজ্ঞরা মনে করেন, সমন্বিত উদ্যোগ ছাড়া এ সংকট থেকে উত্তরণ সম্ভব নয়। সরকার, স্থানীয় জনপ্রতিনিধি ও সাধারণ মানুষের অংশগ্রহণ নিশ্চিত করতে হবে।

এ বিষয়ে সংশ্লিষ্ট কর্মকর্তারা জানান, পরিস্থিতি স্বাভাবিক রাখতে প্রশাসনের পক্ষ থেকে সব ধরনের প্রস্তুতি নেওয়া হয়েছে। স্থানীয় বাসিন্দারা অভিযোগ করেন, দীর্ঘদিন ধরে সমস্যাটি সমাধানের দাবি জানালেও কার্যকর কোনো উদ্যোগ নেওয়া হয়নি। তারা দ্রুত ব্যবস্থা গ্রহণের আহ্বান জানান। সংশ্লিষ্ট দপ্তরের কর্মকর্তারা বলেন, বিষয়টি গুরুত্বের সঙ্গে দেখা হচ্ছে এবং শিগগিরই প্রয়োজনীয় পদক্ষেপ নেওয়া হবে। বিশেষজ্ঞরা মনে করেন, সমন্বিত উদ্যোগ ছাড়া এ সংকট থেকে উত্তরণ সম্ভব নয়। সরকার, স্থানীয় জনপ্রতিনিধি ও সাধারণ মানুষের অংশগ্রহণ নিশ্চিত করতে হবে।

ঘুমন্ত নগরীতে
(শেষ পৃষ্ঠার পর)

এ বিষয়ে সংশ্লিষ্ট কর্মকর্তারা জানান, পরিস্থিতি স্বাভাবিক রাখতে প্রশাসনের পক্ষ থেকে সব ধরনের প্রস্তুতি নেওয়া হয়েছে। স্থানীয় বাসিন্দারা অভিযোগ করেন, দীর্ঘদিন ধরে সমস্যাটি সমাধানের দাবি জানালেও কার্যকর কোনো উদ্যোগ নেওয়া হয়নি। তারা দ্রুত ব্যবস্থা গ্রহণের আহ্বান জানান। সংশ্লিষ্ট দপ্তরের কর্মকর্তারা বলেন, বিষয়টি গুরুত্বের সঙ্গে দেখা হচ্ছে এবং শিগগিরই প্রয়োজনীয় পদক্ষেপ নেওয়া হবে। বিশেষজ্ঞরা মনে করেন, সমন্বিত উদ্যোগ ছাড়া এ সংকট থেকে উত্তরণ সম্ভব নয়। সরকার, স্থানীয় জনপ্রতিনিধি ও সাধারণ মানুষের অংশগ্রহণ নিশ্চিত করতে হবে।

এ বিষয়ে সংশ্লিষ্ট কর্মকর্তারা জানান, পরিস্থিতি স্বাভাবিক রাখতে প্রশাসনের পক্ষ থেকে সব ধরনের প্রস্তুতি নেওয়া হয়েছে। স্থানীয় বাসিন্দারা অভিযোগ করেন, দীর্ঘদিন ধরে সমস্যাটি সমাধানের দাবি জানালেও কার্যকর কোনো উদ্যোগ নেওয়া হয়নি। তারা দ্রুত ব্যবস্থা গ্রহণের আহ্বান জানান। সংশ্লিষ্ট দপ্তরের কর্মকর্তারা বলেন, বিষয়টি গুরুত্বের সঙ্গে দেখা হচ্ছে এবং শিগগিরই প্রয়োজনীয় পদক্ষেপ নেওয়া হবে। বিশেষজ্ঞরা মনে করেন, সমন্বিত উদ্যোগ ছাড়া এ সংকট থেকে উত্তরণ সম্ভব নয়। সরকার, স্থানীয় জনপ্রতিনিধি ও সাধারণ মানুষের অংশগ্রহণ নিশ্চিত করতে হবে।

এ বিষয়ে সংশ্লিষ্ট কর্মকর্তারা জানান, পরিস্থিতি স্বাভাবিক রাখতে প্রশাসনের পক্ষ থেকে সব ধরনের প্রস্তুতি নেওয়া হয়েছে। স্থানীয় বাসিন্দারা অভিযোগ করেন, দীর্ঘদিন ধরে সমস্যাটি সমাধানের দাবি জানালেও কার্যকর কোনো উদ্যোগ নেওয়া হয়নি। তারা দ্রুত ব্যবস্থা গ্রহণের আহ্বান জানান। সংশ্লিষ্ট দপ্তরের কর্মকর্তারা বলেন, বিষয়টি গুরুত্বের সঙ্গে দেখা হচ্ছে এবং শিগগিরই প্রয়োজনীয় পদক্ষেপ নেওয়া হবে। বিশেষজ্ঞরা মনে করেন, সমন্বিত উদ্যোগ ছাড়া এ সংকট থেকে উত্তরণ সম্ভব নয়। সরকার, স্থানীয় জনপ্রতিনিধি ও সাধারণ মানুষের অংশগ্রহণ নিশ্চিত করতে হবে।

এ বিষয়ে সংশ্লিষ্ট কর্মকর্তারা জানান, পরিস্থিতি স্বাভাবিক রাখতে প্রশাসনের পক্ষ থেকে সব ধরনের প্রস্তুতি নেওয়া হয়েছে। স্থানীয় বাসিন্দারা অভিযোগ করেন, দীর্ঘদিন ধরে সমস্যাটি সমাধানের দাবি জানালেও কার্যকর কোনো উদ্যোগ নেওয়া হয়নি। তারা দ্রুত ব্যবস্থা গ্রহণের আহ্বান জানান। সংশ্লিষ্ট দপ্তরের কর্মকর্তারা বলেন, বিষয়টি গুরুত্বের সঙ্গে দেখা হচ্ছে এবং শিগগিরই প্রয়োজনীয় পদক্ষেপ নেওয়া হবে। বিশেষজ্ঞরা মনে করেন, সমন্বিত উদ্যোগ ছাড়া এ সংকট থেকে উত্তরণ সম্ভব নয়। সরকার, স্থানীয় জনপ্রতিনিধি ও সাধারণ মানুষের অংশগ্রহণ নিশ্চিত করতে হবে।

বিচার বাধাগ্রস্ত করার
(শেষ পৃষ্ঠার পর)

এ বিষয়ে সংশ্লিষ্ট কর্মকর্তারা জানান, পরিস্থিতি স্বাভাবিক রাখতে প্রশাসনের পক্ষ থেকে সব ধরনের প্রস্তুতি নেওয়া হয়েছে। স্থানীয় বাসিন্দারা অভিযোগ করেন, দীর্ঘদিন ধরে সমস্যাটি সমাধানের দাবি জানালেও কার্যকর কোনো উদ্যোগ নেওয়া হয়নি। তারা দ্রুত ব্যবস্থা গ্রহণের আহ্বান জানান। সংশ্লিষ্ট দপ্তরের কর্মকর্তারা বলেন, বিষয়টি গুরুত্বের সঙ্গে দেখা হচ্ছে এবং শিগগিরই প্রয়োজনীয় পদক্ষেপ নেওয়া হবে। বিশেষজ্ঞরা মনে করেন, সমন্বিত উদ্যোগ ছাড়া এ সংকট থেকে উত্তরণ সম্ভব নয়। সরকার, স্থানীয় জনপ্রতিনিধি ও সাধারণ মানুষের অংশগ্রহণ নিশ্চিত করতে হবে।

এ বিষয়ে সংশ্লিষ্ট কর্মকর্তারা জানান, পরিস্থিতি স্বাভাবিক রাখতে প্রশাসনের পক্ষ থেকে সব ধরনের প্রস্তুতি নেওয়া হয়েছে। স্থানীয় বাসিন্দারা অভিযোগ করেন, দীর্ঘদিন ধরে সমস্যাটি সমাধানের দাবি জানালেও কার্যকর কোনো উদ্যোগ নেওয়া হয়নি। তারা দ্রুত ব্যবস্থা গ্রহণের আহ্বান জানান। সংশ্লিষ্ট দপ্তরের কর্মকর্তারা বলেন, বিষয়টি গুরুত্বের সঙ্গে দেখা হচ্ছে এবং শিগগিরই প্রয়োজনীয় পদক্ষেপ নেওয়া হবে। বিশেষজ্ঞরা মনে করেন, সমন্বিত উদ্যোগ ছাড়া এ সংকট থেকে উত্তরণ সম্ভব নয়। সরকার, স্থানীয় জনপ্রতিনিধি ও সাধারণ মানুষের অংশগ্রহণ নিশ্চিত করতে হবে।

এ বিষয়ে সংশ্লিষ্ট কর্মকর্তারা জানান, পরিস্থিতি স্বাভাবিক রাখতে প্রশাসনের পক্ষ থেকে সব ধরনের প্রস্তুতি নেওয়া হয়েছে। স্থানীয় বাসিন্দারা অভিযোগ করেন, দীর্ঘদিন ধরে সমস্যাটি সমাধানের দাবি জানালেও কার্যকর কোনো উদ্যোগ নেওয়া হয়নি। তারা দ্রুত ব্যবস্থা গ্রহণের আহ্বান জানান। সংশ্লিষ্ট দপ্তরের কর্মকর্তারা বলেন, বিষয়টি গুরুত্বের সঙ্গে দেখা হচ্ছে এবং শিগগিরই প্রয়োজনীয় পদক্ষেপ নেওয়া হবে। বিশেষজ্ঞরা মনে করেন, সমন্বিত উদ্যোগ ছাড়া এ সংকট থেকে উত্তরণ সম্ভব নয়। সরকার, স্থানীয় জনপ্রতিনিধি ও সাধারণ মানুষের অংশগ্রহণ নিশ্চিত করতে হবে।

এ বিষয়ে সংশ্লিষ্ট কর্মকর্তারা জানান, পরিস্থিতি স্বাভাবিক রাখতে প্রশাসনের পক্ষ থেকে সব ধরনের প্রস্তুতি নেওয়া হয়েছে। স্থানীয় বাসিন্দারা অভিযোগ করেন, দীর্ঘদিন ধরে সমস্যাটি সমাধানের দাবি জানালেও কার্যকর কোনো উদ্যোগ নেওয়া হয়নি। তারা দ্রুত ব্যবস্থা গ্রহণের আহ্বান জানান। সংশ্লিষ্ট দপ্তরের কর্মকর্তারা বলেন, বিষয়টি গুরুত্বের সঙ্গে দেখা হচ্ছে এবং শিগগিরই প্রয়োজনীয় পদক্ষেপ নেওয়া হবে। বিশেষজ্ঞরা মনে করেন, সমন্বিত উদ্যোগ ছাড়া এ সংকট থেকে উত্তরণ সম্ভব নয়। সরকার, স্থানীয় জনপ্রতিনিধি ও সাধারণ মানুষের অংশগ্রহণ নিশ্চিত করতে হবে।

দেশে ১১ মাসে
(শেষ পৃষ্ঠার পর)

এ বিষয়ে সংশ্লিষ্ট কর্মকর্তারা জানান, পরিস্থিতি স্বাভাবিক রাখতে প্রশাসনের পক্ষ থেকে সব ধরনের প্রস্তুতি নেওয়া হয়েছে। স্থানীয় বাসিন্দারা অভিযোগ করেন, দীর্ঘদিন ধরে সমস্যাটি সমাধানের দাবি জানালেও কার্যকর কোনো উদ্যোগ নেওয়া হয়নি। তারা দ্রুত ব্যবস্থা গ্রহণের আহ্বান জানান। সংশ্লিষ্ট দপ্তরের কর্মকর্তারা বলেন, বিষয়টি গুরুত্বের সঙ্গে দেখা হচ্ছে এবং শিগগিরই প্রয়োজনীয় পদক্ষেপ নেওয়া হবে। বিশেষজ্ঞরা মনে করেন, সমন্বিত উদ্যোগ ছাড়া এ সংকট থেকে উত্তরণ সম্ভব নয়। সরকার, স্থানীয় জনপ্রতিনিধি ও সাধারণ মানুষের অংশগ্রহণ নিশ্চিত করতে হবে।

এ বিষয়ে সংশ্লিষ্ট কর্মকর্তারা জানান, পরিস্থিতি স্বাভাবিক রাখতে প্রশাসনের পক্ষ থেকে সব ধরনের প্রস্তুতি নেওয়া হয়েছে। স্থানীয় বাসিন্দারা অভিযোগ করেন, দীর্ঘদিন ধরে সমস্যাটি সমাধানের দাবি জানালেও কার্যকর কোনো উদ্যোগ নেওয়া হয়নি। তারা দ্রুত ব্যবস্থা গ্রহণের আহ্বান জানান। সংশ্লিষ্ট দপ্তরের কর্মকর্তারা বলেন, বিষয়টি গুরুত্বের সঙ্গে দেখা হচ্ছে এবং শিগগিরই প্রয়োজনীয় পদক্ষেপ নেওয়া হবে। বিশেষজ্ঞরা মনে করেন, সমন্বিত উদ্যোগ ছাড়া এ সংকট থেকে উত্তরণ সম্ভব নয়। সরকার, স্থানীয় জনপ্রতিনিধি ও সাধারণ মানুষের অংশগ্রহণ নিশ্চিত করতে হবে।

পোস্টাল ব্যালট
(শেষ পৃষ্ঠার পর)

এ বিষয়ে সংশ্লিষ্ট কর্মকর্তারা জানান, পরিস্থিতি স্বাভাবিক রাখতে প্রশাসনের পক্ষ থেকে সব ধরনের প্রস্তুতি নেওয়া হয়েছে। স্থানীয় বাসিন্দারা অভিযোগ করেন, দীর্ঘদিন ধরে সমস্যাটি সমাধানের দাবি জানালেও কার্যকর কোনো উদ্যোগ নেওয়া হয়নি। তারা দ্রুত ব্যবস্থা গ্রহণের আহ্বান জানান। সংশ্লিষ্ট দপ্তরের কর্মকর্তারা বলেন, বিষয়টি গুরুত্বের সঙ্গে দেখা হচ্ছে এবং শিগগিরই প্রয়োজনীয় পদক্ষেপ নেওয়া হবে। বিশেষজ্ঞরা মনে করেন, সমন্বিত উদ্যোগ ছাড়া এ সংকট থেকে উত্তরণ সম্ভব নয়। সরকার, স্থানীয় জনপ্রতিনিধি ও সাধারণ মানুষের অংশগ্রহণ নিশ্চিত করতে হবে।

এ বিষয়ে সংশ্লিষ্ট কর্মকর্তারা জানান, পরিস্থিতি স্বাভাবিক রাখতে প্রশাসনের পক্ষ থেকে সব ধরনের প্রস্তুতি নেওয়া হয়েছে। স্থানীয় বাসিন্দারা অভিযোগ করেন, দীর্ঘদিন ধরে সমস্যাটি সমাধানের দাবি জানালেও কার্যকর কোনো উদ্যোগ নেওয়া হয়নি। তারা দ্রুত ব্যবস্থা গ্রহণের আহ্বান জানান। সংশ্লিষ্ট দপ্তরের কর্মকর্তারা বলেন, বিষয়টি গুরুত্বের সঙ্গে দেখা হচ্ছে এবং শিগগিরই প্রয়োজনীয় পদক্ষেপ নেওয়া হবে। বিশেষজ্ঞরা মনে করেন, সমন্বিত উদ্যোগ ছাড়া এ সংকট থেকে উত্তরণ সম্ভব নয়। সরকার, স্থানীয় জনপ্রতিনিধি ও সাধারণ মানুষের অংশগ্রহণ নিশ্চিত করতে হবে।

এ বিষয়ে সংশ্লিষ্ট কর্মকর্তারা জানান, পরিস্থিতি স্বাভাবিক রাখতে প্রশাসনের পক্ষ থেকে সব ধরনের প্রস্তুতি নেওয়া হয়েছে। স্থানীয় বাসিন্দারা অভিযোগ করেন, দীর্ঘদিন ধরে সমস্যাটি সমাধানের দাবি জানালেও কার্যকর কোনো উদ্যোগ নেওয়া হয়নি। তারা দ্রুত ব্যবস্থা গ্রহণের আহ্বান জানান। সংশ্লিষ্ট দপ্তরের কর্মকর্তারা বলেন, বিষয়টি গুরুত্বের সঙ্গে দেখা হচ্ছে এবং শিগগিরই প্রয়োজনীয় পদক্ষেপ নেওয়া হবে। বিশেষজ্ঞরা মনে করেন, সমন্বিত উদ্যোগ ছাড়া এ সংকট থেকে উত্তরণ সম্ভব নয়। সরকার, স্থানীয় জনপ্রতিনিধি ও সাধারণ মানুষের অংশগ্রহণ নিশ্চিত করতে হবে।

২ লাখের বিনিময়ে
(শেষ পৃষ্ঠার পর)

এ বিষয়ে সংশ্লিষ্ট কর্মকর্তারা জানান, পরিস্থিতি স্বাভাবিক রাখতে প্রশাসনের পক্ষ থেকে সব ধরনের প্রস্তুতি নেওয়া হয়েছে। স্থানীয় বাসিন্দারা অভিযোগ করেন, দীর্ঘদিন ধরে সমস্যাটি সমাধানের দাবি জানালেও কার্যকর কোনো উদ্যোগ নেওয়া হয়নি। তারা দ্রুত ব্যবস্থা গ্রহণের আহ্বান জানান। সংশ্লিষ্ট দপ্তরের কর্মকর্তারা বলেন, বিষয়টি গুরুত্বের সঙ্গে দেখা হচ্ছে এবং শিগগিরই প্রয়োজনীয় পদক্ষেপ নেওয়া হবে। বিশেষজ্ঞরা মনে করেন, সমন্বিত উদ্যোগ ছাড়া এ সংকট থেকে উত্তরণ সম্ভব নয়। সরকার, স্থানীয় জনপ্রতিনিধি ও সাধারণ মানুষের অংশগ্রহণ নিশ্চিত করতে হবে।

এ বিষয়ে সংশ্লিষ্ট কর্মকর্তারা জানান, পরিস্থিতি স্বাভাবিক রাখতে প্রশাসনের পক্ষ থেকে সব ধরনের প্রস্তুতি নেওয়া হয়েছে। স্থানীয় বাসিন্দারা অভিযোগ করেন, দীর্ঘদিন ধরে সমস্যাটি সমাধানের দাবি জানালেও কার্যকর কোনো উদ্যোগ নেওয়া হয়নি। তারা দ্রুত ব্যবস্থা গ্রহণের আহ্বান জানান। সংশ্লিষ্ট দপ্তরের কর্মকর্তারা বলেন, বিষয়টি গুরুত্বের সঙ্গে দেখা হচ্ছে এবং শিগগিরই প্রয়োজনীয় পদক্ষেপ নেওয়া হবে। বিশেষজ্ঞরা মনে করেন, সমন্বিত উদ্যোগ ছাড়া এ সংকট থেকে উত্তরণ সম্ভব নয়। সরকার, স্থানীয় জনপ্রতিনিধি ও সাধারণ মানুষের অংশগ্রহণ নিশ্চিত করতে হবে।

এ বিষয়ে সংশ্লিষ্ট কর্মকর্তারা জানান, পরিস্থিতি স্বাভাবিক রাখতে প্রশাসনের পক্ষ থেকে সব ধরনের প্রস্তুতি নেওয়া হয়েছে। স্থানীয় বাসিন্দারা অভিযোগ করেন, দীর্ঘদিন ধরে সমস্যাটি সমাধানের দাবি জানালেও কার্যকর কোনো উদ্যোগ নেওয়া হয়নি। তারা দ্রুত ব্যবস্থা গ্রহণের আহ্বান জানান। সংশ্লিষ্ট দপ্তরের কর্মকর্তারা বলেন, বিষয়টি গুরুত্বের সঙ্গে দেখা হচ্ছে এবং শিগগিরই প্রয়োজনীয় পদক্ষেপ নেওয়া হবে। বিশেষজ্ঞরা মনে করেন, সমন্বিত উদ্যোগ ছাড়া এ সংকট থেকে উত্তরণ সম্ভব নয়। সরকার, স্থানীয় জনপ্রতিনিধি ও সাধারণ মানুষের অংশগ্রহণ নিশ্চিত করতে হবে।

এ বিষয়ে সংশ্লিষ্ট কর্মকর্তারা জানান, পরিস্থিতি স্বাভাবিক রাখতে প্রশাসনের পক্ষ থেকে সব ধরনের প্রস্তুতি নেওয়া হয়েছে। স্থানীয় বাসিন্দারা অভিযোগ করেন, দীর্ঘদিন ধরে সমস্যাটি সমাধানের দাবি জানালেও কার্যকর কোনো উদ্যোগ নেওয়া হয়নি। তারা দ্রুত ব্যবস্থা গ্রহণের আহ্বান জানান। সংশ্লিষ্ট দপ্তরের কর্মকর্তারা বলেন, বিষয়টি গুরুত্বের সঙ্গে দেখা হচ্ছে এবং শিগগিরই প্রয়োজনীয় পদক্ষেপ নেওয়া হবে। বিশেষজ্ঞরা মনে করেন, সমন্বিত উদ্যোগ ছাড়া এ সংকট থেকে উত্তরণ সম্ভব নয়। সরকার, স্থানীয় জনপ্রতিনিধি ও সাধারণ মানুষের অংশগ্রহণ নিশ্চিত করতে হবে।

এ বিষয়ে সংশ্লিষ্ট কর্মকর্তারা জানান, পরিস্থিতি স্বাভাবিক রাখতে প্রশাসনের পক্ষ থেকে সব ধরনের প্রস্তুতি নেওয়া হয়েছে। স্থানীয় বাসিন্দারা অভিযোগ করেন, দীর্ঘদিন ধরে সমস্যাটি সমাধানের দাবি জানালেও কার্যকর কোনো উদ্যোগ নেওয়া হয়নি। তারা দ্রুত ব্যবস্থা গ্রহণের আহ্বান জানান। সংশ্লিষ্ট দপ্তরের কর্মকর্তারা বলেন, বিষয়টি গুরুত্বের সঙ্গে দেখা হচ্ছে এবং শিগগিরই প্রয়োজনীয় পদক্ষেপ নেওয়া হবে। বিশেষজ্ঞরা মনে করেন, সমন্বিত উদ্যোগ ছাড়া এ সংকট থেকে উত্তরণ সম্ভব নয়। সরকার, স্থানীয় জনপ্রতিনিধি ও সাধারণ মানুষের অংশগ্রহণ নিশ্চিত করতে হবে।

আরাকান আর্মি হাতে ১৩ বাংলাদেশি জেলে আটক
নিজস্ব প্রতিবেদক, টেকনাফ

এ বিষয়ে সংশ্লিষ্ট কর্মকর্তারা জানান, পরিস্থিতি স্বাভাবিক রাখতে প্রশাসনের পক্ষ থেকে সব ধরনের প্রস্তুতি নেওয়া হয়েছে। স্থানীয় বাসিন্দারা অভিযোগ করেন, দীর্ঘদিন ধরে সমস্যাটি সমাধানের দাবি জানালেও কার্যকর কোনো উদ্যোগ নেওয়া হয়নি। তারা দ্রুত ব্যবস্থা গ্রহণের আহ্বান জানান। সংশ্লিষ্ট দপ্তরের কর্মকর্তারা বলেন, বিষয়টি গুরুত্বের সঙ্গে দেখা হচ্ছে এবং শিগগিরই প্রয়োজনীয় পদক্ষেপ নেওয়া হবে। বিশেষজ্ঞরা মনে করেন, সমন্বিত উদ্যোগ ছাড়া এ সংকট থেকে উত্তরণ সম্ভব নয়। সরকার, স্থানীয় জনপ্রতিনিধি ও সাধারণ মানুষের অংশগ্রহণ নিশ্চিত করতে হবে।
